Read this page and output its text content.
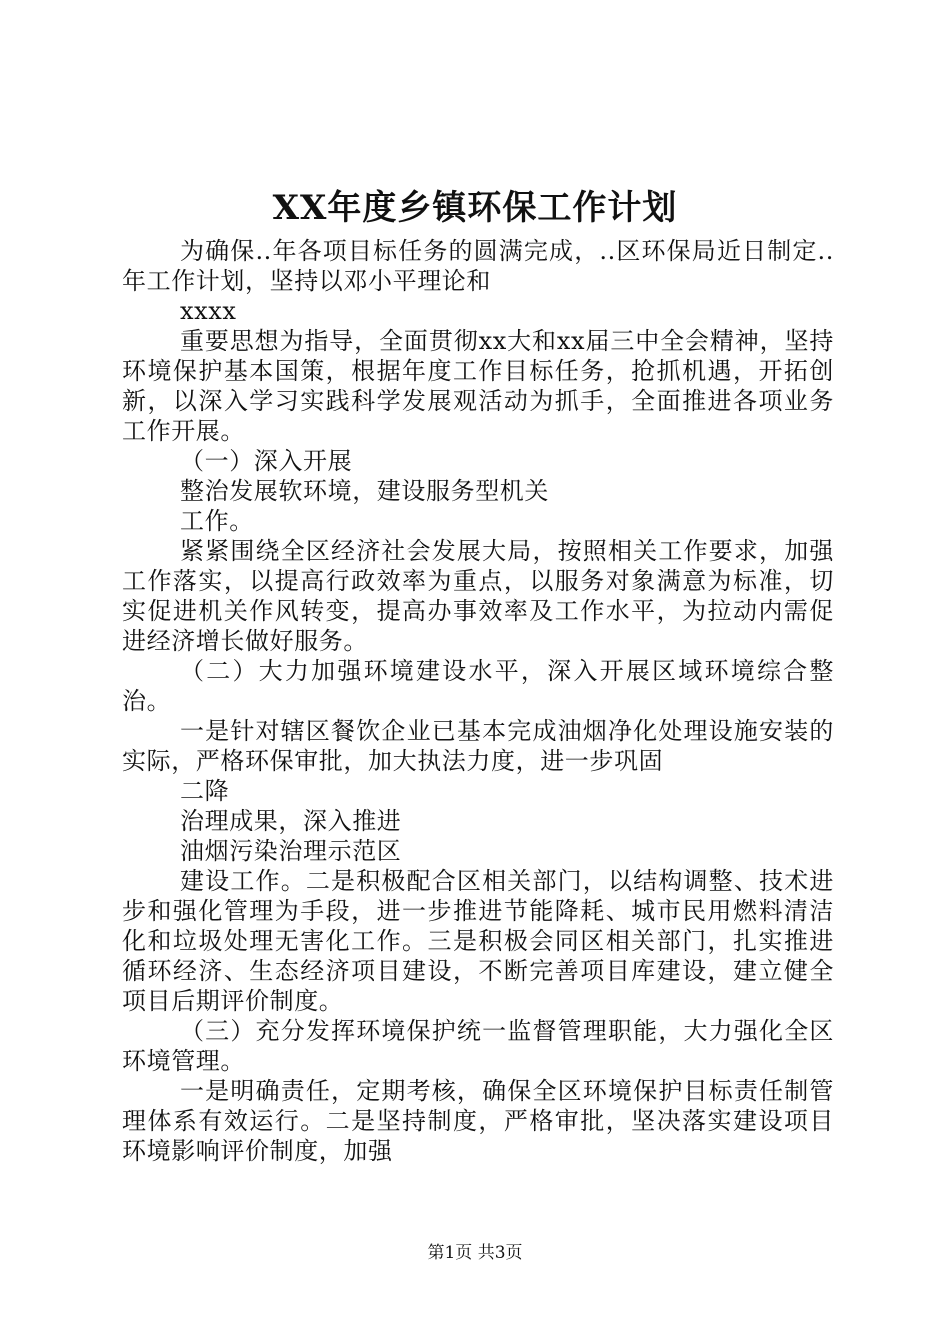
XX年度乡镇环保工作计划

为确保..年各项目标任务的圆满完成，..区环保局近日制定..年工作计划，坚持以邓小平理论和

xxxx

重要思想为指导，全面贯彻xx大和xx届三中全会精神，坚持环境保护基本国策，根据年度工作目标任务，抢抓机遇，开拓创新，以深入学习实践科学发展观活动为抓手，全面推进各项业务工作开展。

（一）深入开展

整治发展软环境，建设服务型机关

工作。

紧紧围绕全区经济社会发展大局，按照相关工作要求，加强工作落实，以提高行政效率为重点，以服务对象满意为标准，切实促进机关作风转变，提高办事效率及工作水平，为拉动内需促进经济增长做好服务。

（二）大力加强环境建设水平，深入开展区域环境综合整治。

一是针对辖区餐饮企业已基本完成油烟净化处理设施安装的实际，严格环保审批，加大执法力度，进一步巩固

二降

治理成果，深入推进

油烟污染治理示范区

建设工作。二是积极配合区相关部门，以结构调整、技术进步和强化管理为手段，进一步推进节能降耗、城市民用燃料清洁化和垃圾处理无害化工作。三是积极会同区相关部门，扎实推进循环经济、生态经济项目建设，不断完善项目库建设，建立健全项目后期评价制度。

（三）充分发挥环境保护统一监督管理职能，大力强化全区环境管理。

一是明确责任，定期考核，确保全区环境保护目标责任制管理体系有效运行。二是坚持制度，严格审批，坚决落实建设项目环境影响评价制度，加强

第1页 共3页
